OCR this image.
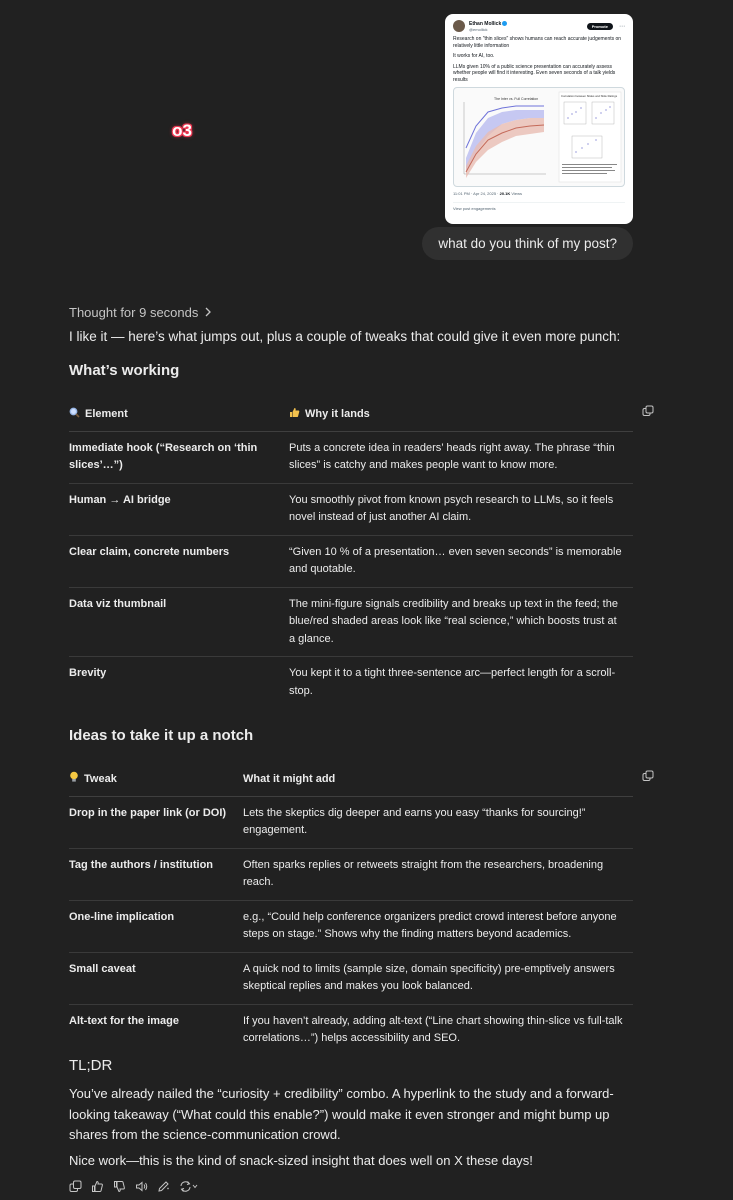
o3
Ethan Mollick
@emollick
Promote	⋯
Research on "thin slices" shows humans can reach accurate judgements on relatively little information
It works for AI, too.
LLMs given 10% of a public science presentation can accurately assess whether people will find it interesting. Even seven seconds of a talk yields results
The Inter vs. Full Correlation
Correlation between Slides and Slide Ratings
11:01 PM · Apr 24, 2025 · 20.1K Views
View post engagements
what do you think of my post?
Thought for 9 seconds
I like it — here’s what jumps out, plus a couple of tweaks that could give it even more punch:
What’s working
Element	Why it lands

Immediate hook (“Research on ‘thin slices’…”)	Puts a concrete idea in readers’ heads right away. The phrase “thin slices” is catchy and makes people want to know more.
Human → AI bridge	You smoothly pivot from known psych research to LLMs, so it feels novel instead of just another AI claim.
Clear claim, concrete numbers	“Given 10 % of a presentation… even seven seconds” is memorable and quotable.
Data viz thumbnail	The mini-figure signals credibility and breaks up text in the feed; the blue/red shaded areas look like “real science,” which boosts trust at a glance.
Brevity	You kept it to a tight three-sentence arc—perfect length for a scroll-stop.
Ideas to take it up a notch
Tweak	What it might add
Drop in the paper link (or DOI)	Lets the skeptics dig deeper and earns you easy “thanks for sourcing!” engagement.
Tag the authors / institution	Often sparks replies or retweets straight from the researchers, broadening reach.
One-line implication	e.g., “Could help conference organizers predict crowd interest before anyone steps on stage.” Shows why the finding matters beyond academics.
Small caveat	A quick nod to limits (sample size, domain specificity) pre-emptively answers skeptical replies and makes you look balanced.
Alt-text for the image	If you haven’t already, adding alt-text (“Line chart showing thin-slice vs full-talk correlations…”) helps accessibility and SEO.
TL;DR
You’ve already nailed the “curiosity + credibility” combo. A hyperlink to the study and a forward-looking takeaway (“What could this enable?”) would make it even stronger and might bump up shares from the science-communication crowd.
Nice work—this is the kind of snack-sized insight that does well on X these days!
